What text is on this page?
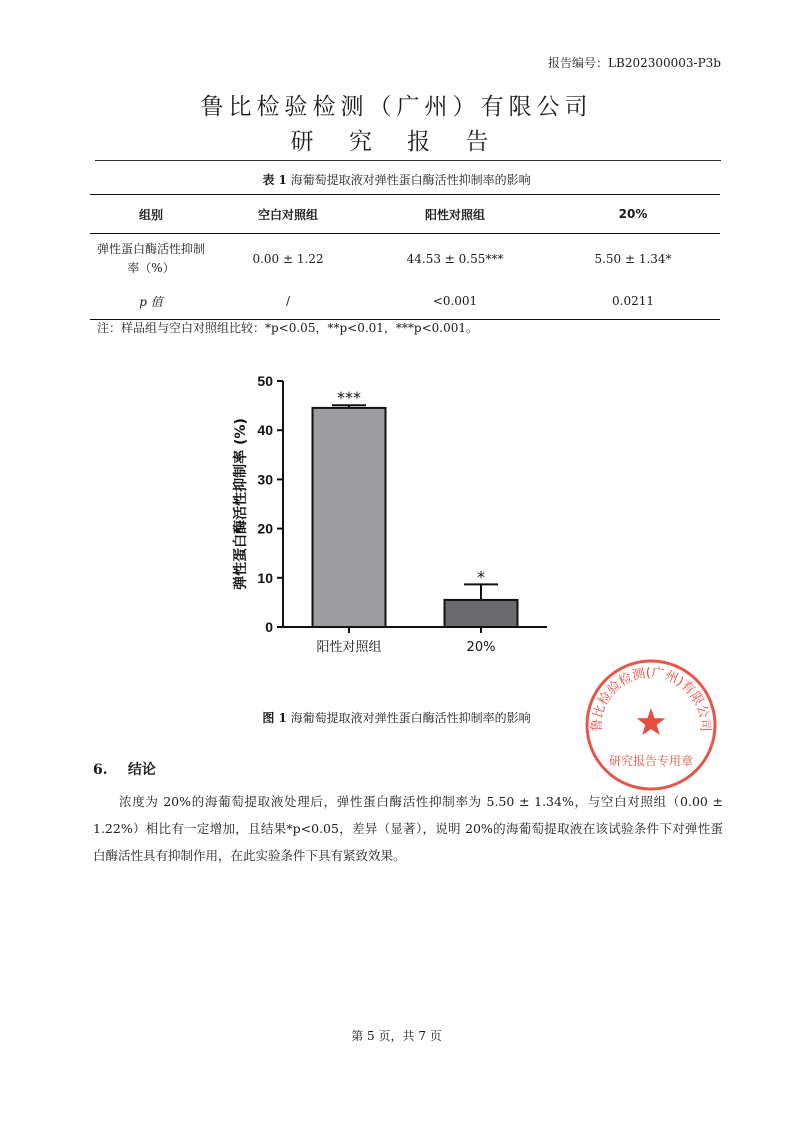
报告编号：LB202300003-P3b
鲁比检验检测（广州）有限公司
研 究 报 告
表 1 海葡萄提取液对弹性蛋白酶活性抑制率的影响
组别	空白对照组	阳性对照组	20%

弹性蛋白酶活性抑制率（%）	0.00 ± 1.22	44.53 ± 0.55***	5.50 ± 1.34*
p 值	/	<0.001	0.0211
注：样品组与空白对照组比较：*p<0.05，**p<0.01，***p<0.001。
0
10
20
30
40
50
***
阳性对照组
*
20%
弹性蛋白酶活性抑制率 (%)
图 1 海葡萄提取液对弹性蛋白酶活性抑制率的影响
鲁比检验检测(广州)有限公司
研究报告专用章
6. 结论
浓度为 20%的海葡萄提取液处理后，弹性蛋白酶活性抑制率为 5.50 ± 1.34%，与空白对照组（0.00 ± 1.22%）相比有一定增加，且结果*p<0.05，差异（显著），说明 20%的海葡萄提取液在该试验条件下对弹性蛋白酶活性具有抑制作用，在此实验条件下具有紧致效果。
第 5 页，共 7 页
